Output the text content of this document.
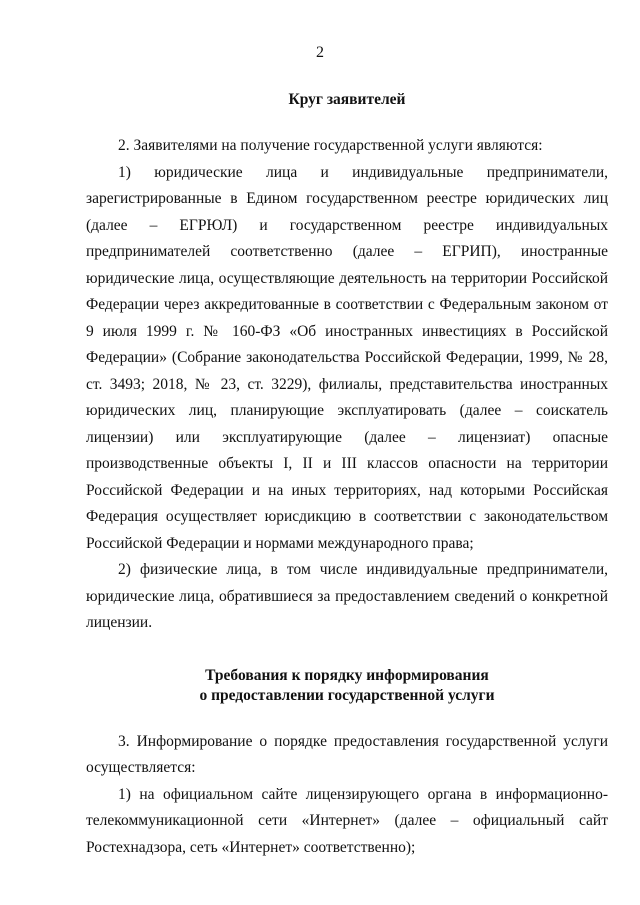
2
Круг заявителей

2. Заявителями на получение государственной услуги являются:

1) юридические лица и индивидуальные предприниматели, зарегистрированные в Едином государственном реестре юридических лиц (далее – ЕГРЮЛ) и государственном реестре индивидуальных предпринимателей соответственно (далее – ЕГРИП), иностранные юридические лица, осуществляющие деятельность на территории Российской Федерации через аккредитованные в соответствии с Федеральным законом от 9 июля 1999 г. № 160-ФЗ «Об иностранных инвестициях в Российской Федерации» (Собрание законодательства Российской Федерации, 1999, № 28, ст. 3493; 2018, № 23, ст. 3229), филиалы, представительства иностранных юридических лиц, планирующие эксплуатировать (далее – соискатель лицензии) или эксплуатирующие (далее – лицензиат) опасные производственные объекты I, II и III классов опасности на территории Российской Федерации и на иных территориях, над которыми Российская Федерация осуществляет юрисдикцию в соответствии с законодательством Российской Федерации и нормами международного права;

2) физические лица, в том числе индивидуальные предприниматели, юридические лица, обратившиеся за предоставлением сведений о конкретной лицензии.

Требования к порядку информирования
о предоставлении государственной услуги

3. Информирование о порядке предоставления государственной услуги осуществляется:

1) на официальном сайте лицензирующего органа в информационно-телекоммуникационной сети «Интернет» (далее – официальный сайт Ростехнадзора, сеть «Интернет» соответственно);
